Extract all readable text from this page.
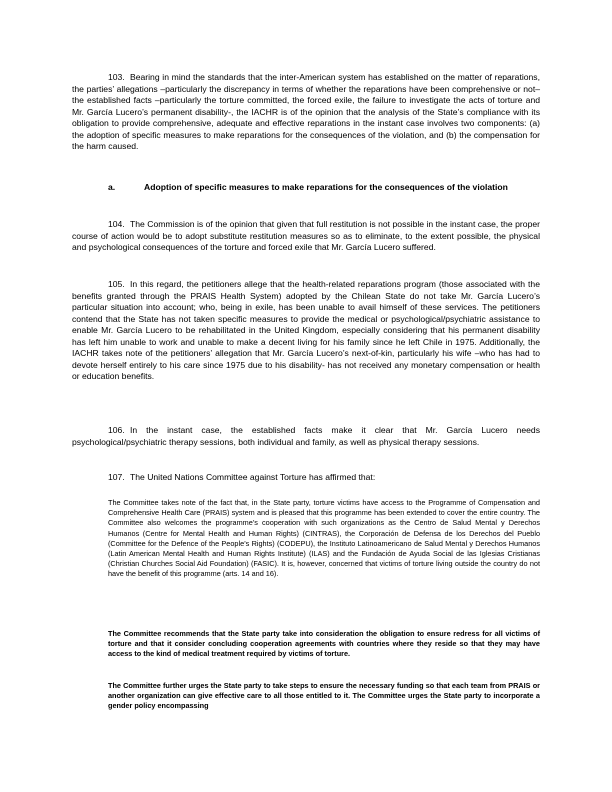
103. Bearing in mind the standards that the inter-American system has established on the matter of reparations, the parties’ allegations –particularly the discrepancy in terms of whether the reparations have been comprehensive or not– the established facts –particularly the torture committed, the forced exile, the failure to investigate the acts of torture and Mr. García Lucero’s permanent disability-, the IACHR is of the opinion that the analysis of the State’s compliance with its obligation to provide comprehensive, adequate and effective reparations in the instant case involves two components: (a) the adoption of specific measures to make reparations for the consequences of the violation, and (b) the compensation for the harm caused.

a.	Adoption of specific measures to make reparations for the consequences of the violation

104. The Commission is of the opinion that given that full restitution is not possible in the instant case, the proper course of action would be to adopt substitute restitution measures so as to eliminate, to the extent possible, the physical and psychological consequences of the torture and forced exile that Mr. García Lucero suffered.

105. In this regard, the petitioners allege that the health-related reparations program (those associated with the benefits granted through the PRAIS Health System) adopted by the Chilean State do not take Mr. García Lucero’s particular situation into account; who, being in exile, has been unable to avail himself of these services. The petitioners contend that the State has not taken specific measures to provide the medical or psychological/psychiatric assistance to enable Mr. García Lucero to be rehabilitated in the United Kingdom, especially considering that his permanent disability has left him unable to work and unable to make a decent living for his family since he left Chile in 1975. Additionally, the IACHR takes note of the petitioners’ allegation that Mr. García Lucero’s next-of-kin, particularly his wife –who has had to devote herself entirely to his care since 1975 due to his disability- has not received any monetary compensation or health or education benefits.

106. In the instant case, the established facts make it clear that Mr. García Lucero needs psychological/psychiatric therapy sessions, both individual and family, as well as physical therapy sessions.

107. The United Nations Committee against Torture has affirmed that:

The Committee takes note of the fact that, in the State party, torture victims have access to the Programme of Compensation and Comprehensive Health Care (PRAIS) system and is pleased that this programme has been extended to cover the entire country. The Committee also welcomes the programme’s cooperation with such organizations as the Centro de Salud Mental y Derechos Humanos (Centre for Mental Health and Human Rights) (CINTRAS), the Corporación de Defensa de los Derechos del Pueblo (Committee for the Defence of the People’s Rights) (CODEPU), the Instituto Latinoamericano de Salud Mental y Derechos Humanos (Latin American Mental Health and Human Rights Institute) (ILAS) and the Fundación de Ayuda Social de las Iglesias Cristianas (Christian Churches Social Aid Foundation) (FASIC). It is, however, concerned that victims of torture living outside the country do not have the benefit of this programme (arts. 14 and 16).

The Committee recommends that the State party take into consideration the obligation to ensure redress for all victims of torture and that it consider concluding cooperation agreements with countries where they reside so that they may have access to the kind of medical treatment required by victims of torture.

The Committee further urges the State party to take steps to ensure the necessary funding so that each team from PRAIS or another organization can give effective care to all those entitled to it. The Committee urges the State party to incorporate a gender policy encompassing
